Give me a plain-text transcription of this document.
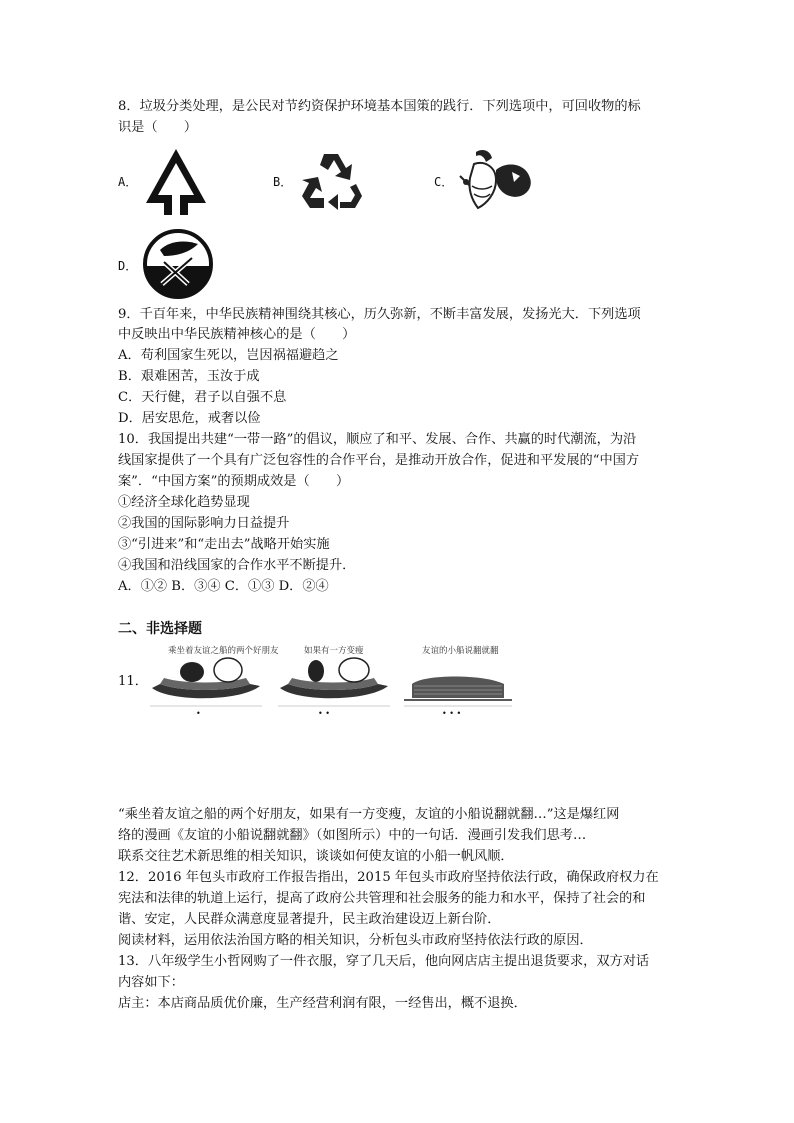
8．垃圾分类处理，是公民对节约资保护环境基本国策的践行．下列选项中，可回收物的标
识是（　　）
A．	B．	C．
D．
9．千百年来，中华民族精神围绕其核心，历久弥新，不断丰富发展，发扬光大．下列选项
中反映出中华民族精神核心的是（　　）
A．苟利国家生死以，岂因祸福避趋之
B．艰难困苦，玉汝于成
C．天行健，君子以自强不息
D．居安思危，戒奢以俭
10．我国提出共建“一带一路”的倡议，顺应了和平、发展、合作、共赢的时代潮流，为沿
线国家提供了一个具有广泛包容性的合作平台，是推动开放合作，促进和平发展的“中国方
案”．“中国方案”的预期成效是（　　）
①经济全球化趋势显现
②我国的国际影响力日益提升
③“引进来”和“走出去”战略开始实施
④我国和沿线国家的合作水平不断提升．
A．①② B．③④ C．①③ D．②④
二、非选择题
11．
乘坐着友谊之船的两个好朋友
•
如果有一方变瘦
• •
友谊的小船说翻就翻
• • •
“乘坐着友谊之船的两个好朋友，如果有一方变瘦，友谊的小船说翻就翻…”这是爆红网
络的漫画《友谊的小船说翻就翻》（如图所示）中的一句话．漫画引发我们思考…
联系交往艺术新思维的相关知识，谈谈如何使友谊的小船一帆风顺．
12．2016 年包头市政府工作报告指出，2015 年包头市政府坚持依法行政，确保政府权力在
宪法和法律的轨道上运行，提高了政府公共管理和社会服务的能力和水平，保持了社会的和
谐、安定，人民群众满意度显著提升，民主政治建设迈上新台阶．
阅读材料，运用依法治国方略的相关知识，分析包头市政府坚持依法行政的原因．
13．八年级学生小哲网购了一件衣服，穿了几天后，他向网店店主提出退货要求，双方对话
内容如下：
店主：本店商品质优价廉，生产经营利润有限，一经售出，概不退换．
